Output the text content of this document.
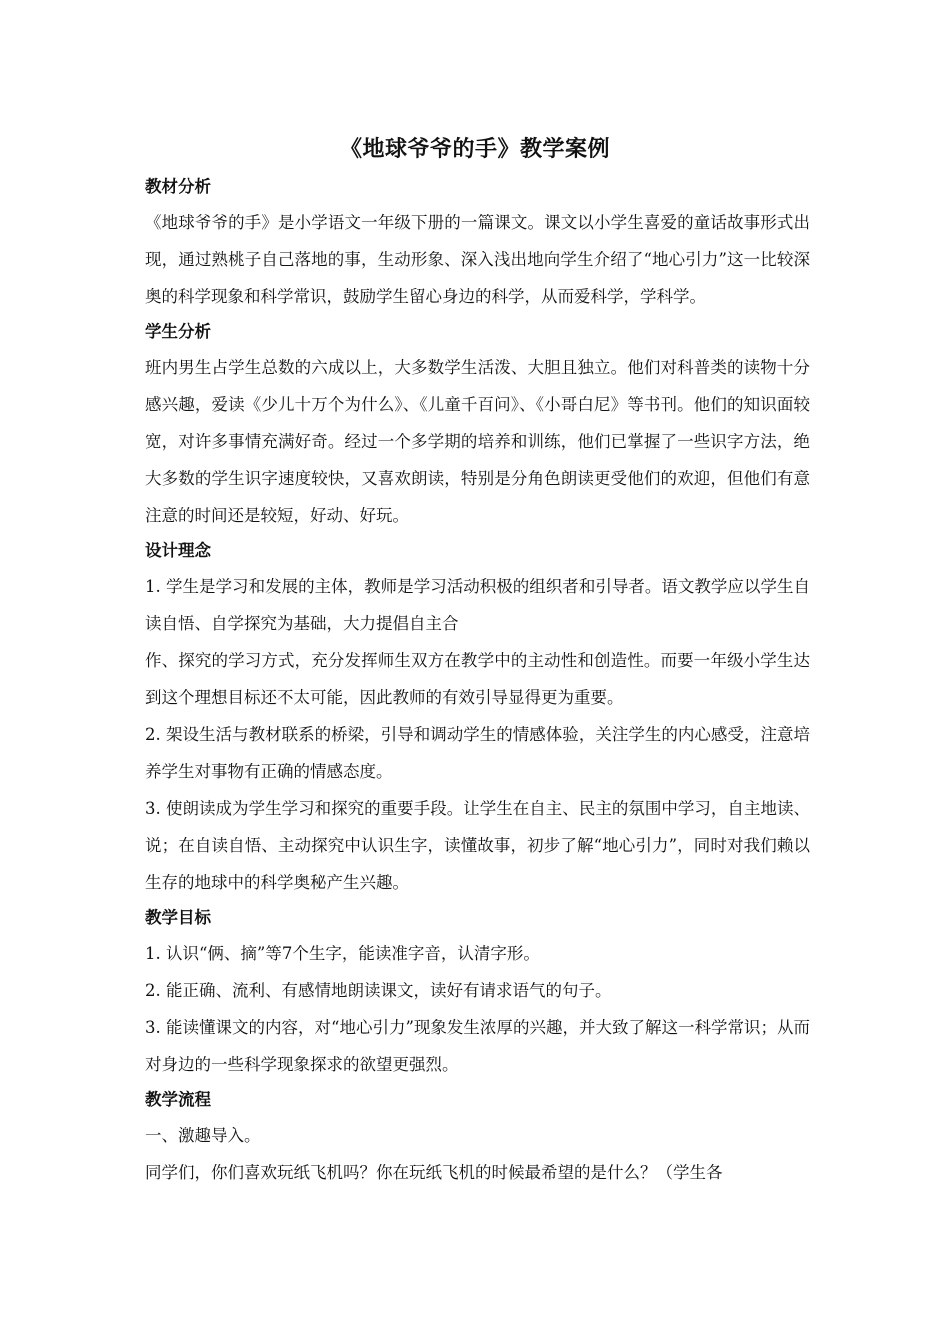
《地球爷爷的手》教学案例
教材分析

《地球爷爷的手》是小学语文一年级下册的一篇课文。课文以小学生喜爱的童话故事形式出现，通过熟桃子自己落地的事，生动形象、深入浅出地向学生介绍了“地心引力”这一比较深奥的科学现象和科学常识，鼓励学生留心身边的科学，从而爱科学，学科学。

学生分析

班内男生占学生总数的六成以上，大多数学生活泼、大胆且独立。他们对科普类的读物十分感兴趣，爱读《少儿十万个为什么》、《儿童千百问》、《小哥白尼》等书刊。他们的知识面较宽，对许多事情充满好奇。经过一个多学期的培养和训练，他们已掌握了一些识字方法，绝大多数的学生识字速度较快，又喜欢朗读，特别是分角色朗读更受他们的欢迎，但他们有意注意的时间还是较短，好动、好玩。

设计理念

1. 学生是学习和发展的主体，教师是学习活动积极的组织者和引导者。语文教学应以学生自读自悟、自学探究为基础，大力提倡自主合

作、探究的学习方式，充分发挥师生双方在教学中的主动性和创造性。而要一年级小学生达到这个理想目标还不太可能，因此教师的有效引导显得更为重要。

2. 架设生活与教材联系的桥梁，引导和调动学生的情感体验，关注学生的内心感受，注意培养学生对事物有正确的情感态度。

3. 使朗读成为学生学习和探究的重要手段。让学生在自主、民主的氛围中学习，自主地读、说；在自读自悟、主动探究中认识生字，读懂故事，初步了解“地心引力”，同时对我们赖以生存的地球中的科学奥秘产生兴趣。

教学目标

1. 认识“俩、摘”等7个生字，能读准字音，认清字形。

2. 能正确、流利、有感情地朗读课文，读好有请求语气的句子。

3. 能读懂课文的内容，对“地心引力”现象发生浓厚的兴趣，并大致了解这一科学常识；从而对身边的一些科学现象探求的欲望更强烈。

教学流程

一、激趣导入。

同学们，你们喜欢玩纸飞机吗？你在玩纸飞机的时候最希望的是什么？（学生各
